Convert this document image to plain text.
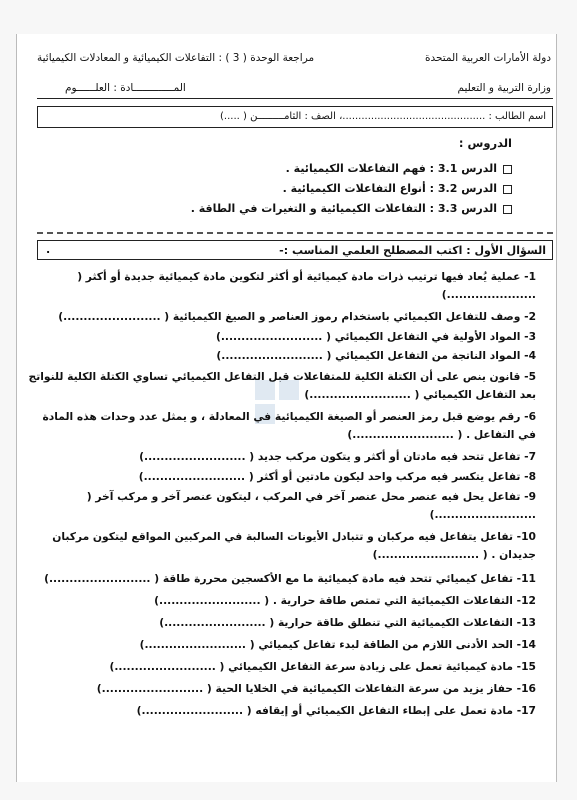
دولة الأمارات العربية المتحدة
مراجعة الوحدة ( 3 ) : التفاعلات الكيميائية و المعادلات الكيميائية
وزارة التربية و التعليم
المـــــــــــــادة : العلــــــوم
اسم الطالب : .............................................، الصف : الثامـــــــــن ( .....)
الدروس :
الدرس 3.1 : فهم التفاعلات الكيميائية .
الدرس 3.2 : أنواع التفاعلات الكيميائية .
الدرس 3.3 : التفاعلات الكيميائية و التغيرات في الطاقة .
السؤال الأول : اكتب المصطلح العلمي المناسب :-
.
1- عملية يُعاد فيها ترتيب ذرات مادة كيميائية أو أكثر لتكوين مادة كيميائية جديدة أو أكثر ( ......................)
2- وصف للتفاعل الكيميائي باستخدام رموز العناصر و الصيغ الكيميائية ( ........................)
3- المواد الأولية في التفاعل الكيميائي ( .........................)
4- المواد الناتجة من التفاعل الكيميائي ( .........................)
5- قانون ينص على أن الكتلة الكلية للمتفاعلات قبل التفاعل الكيميائي تساوي الكتلة الكلية للنواتج بعد التفاعل الكيميائي ( .........................)
6- رقم يوضع قبل رمز العنصر أو الصيغة الكيميائية في المعادلة ، و يمثل عدد وحدات هذه المادة في التفاعل . ( .........................)
7- تفاعل تتحد فيه مادتان أو أكثر و يتكون مركب جديد ( .........................)
8- تفاعل يتكسر فيه مركب واحد ليكون مادتين أو أكثر ( .........................)
9- تفاعل يحل فيه عنصر محل عنصر آخر في المركب ، ليتكون عنصر آخر و مركب آخر ( .........................)
10- تفاعل يتفاعل فيه مركبان و تتبادل الأيونات السالبة في المركبين المواقع ليتكون مركبان جديدان . ( .........................)
11- تفاعل كيميائي تتحد فيه مادة كيميائية ما مع الأكسجين محررة طاقة ( .........................)
12- التفاعلات الكيميائية التي تمتص طاقة حرارية . ( .........................)
13- التفاعلات الكيميائية التي تنطلق طاقة حرارية ( .........................)
14- الحد الأدنى اللازم من الطاقة لبدء تفاعل كيميائي ( .........................)
15- مادة كيميائية تعمل على زيادة سرعة التفاعل الكيميائي ( .........................)
16- حفاز يزيد من سرعة التفاعلات الكيميائية في الخلايا الحية ( .........................)
17- مادة تعمل على إبطاء التفاعل الكيميائي أو إيقافه ( .........................)
